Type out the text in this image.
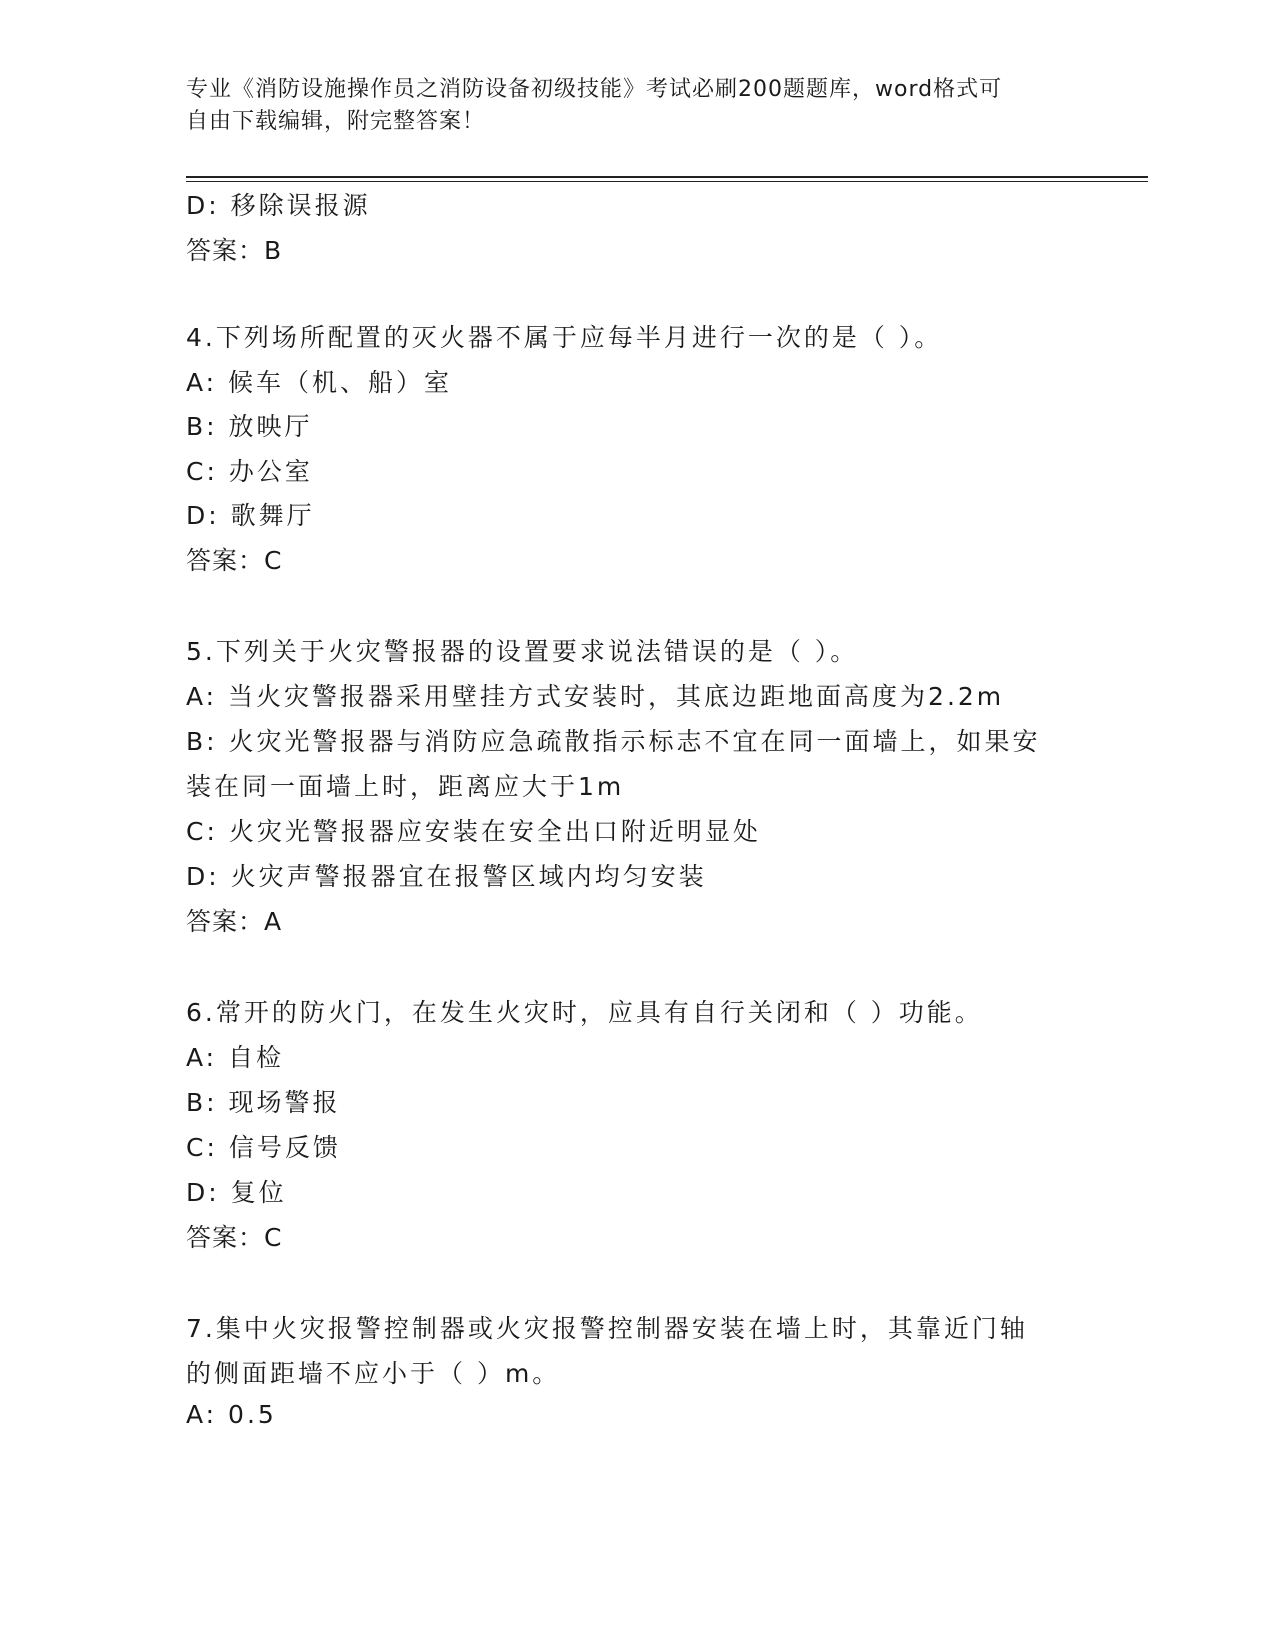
专业《消防设施操作员之消防设备初级技能》考试必刷200题题库，word格式可
自由下载编辑，附完整答案！
D: 移除误报源
答案：B
4.下列场所配置的灭火器不属于应每半月进行一次的是（ ）。
A: 候车（机、船）室
B: 放映厅
C: 办公室
D: 歌舞厅
答案：C
5.下列关于火灾警报器的设置要求说法错误的是（ ）。
A: 当火灾警报器采用壁挂方式安装时，其底边距地面高度为2.2m
B: 火灾光警报器与消防应急疏散指示标志不宜在同一面墙上，如果安
装在同一面墙上时，距离应大于1m
C: 火灾光警报器应安装在安全出口附近明显处
D: 火灾声警报器宜在报警区域内均匀安装
答案：A
6.常开的防火门，在发生火灾时，应具有自行关闭和（ ）功能。
A: 自检
B: 现场警报
C: 信号反馈
D: 复位
答案：C
7.集中火灾报警控制器或火灾报警控制器安装在墙上时，其靠近门轴
的侧面距墙不应小于（ ）m。
A: 0.5
